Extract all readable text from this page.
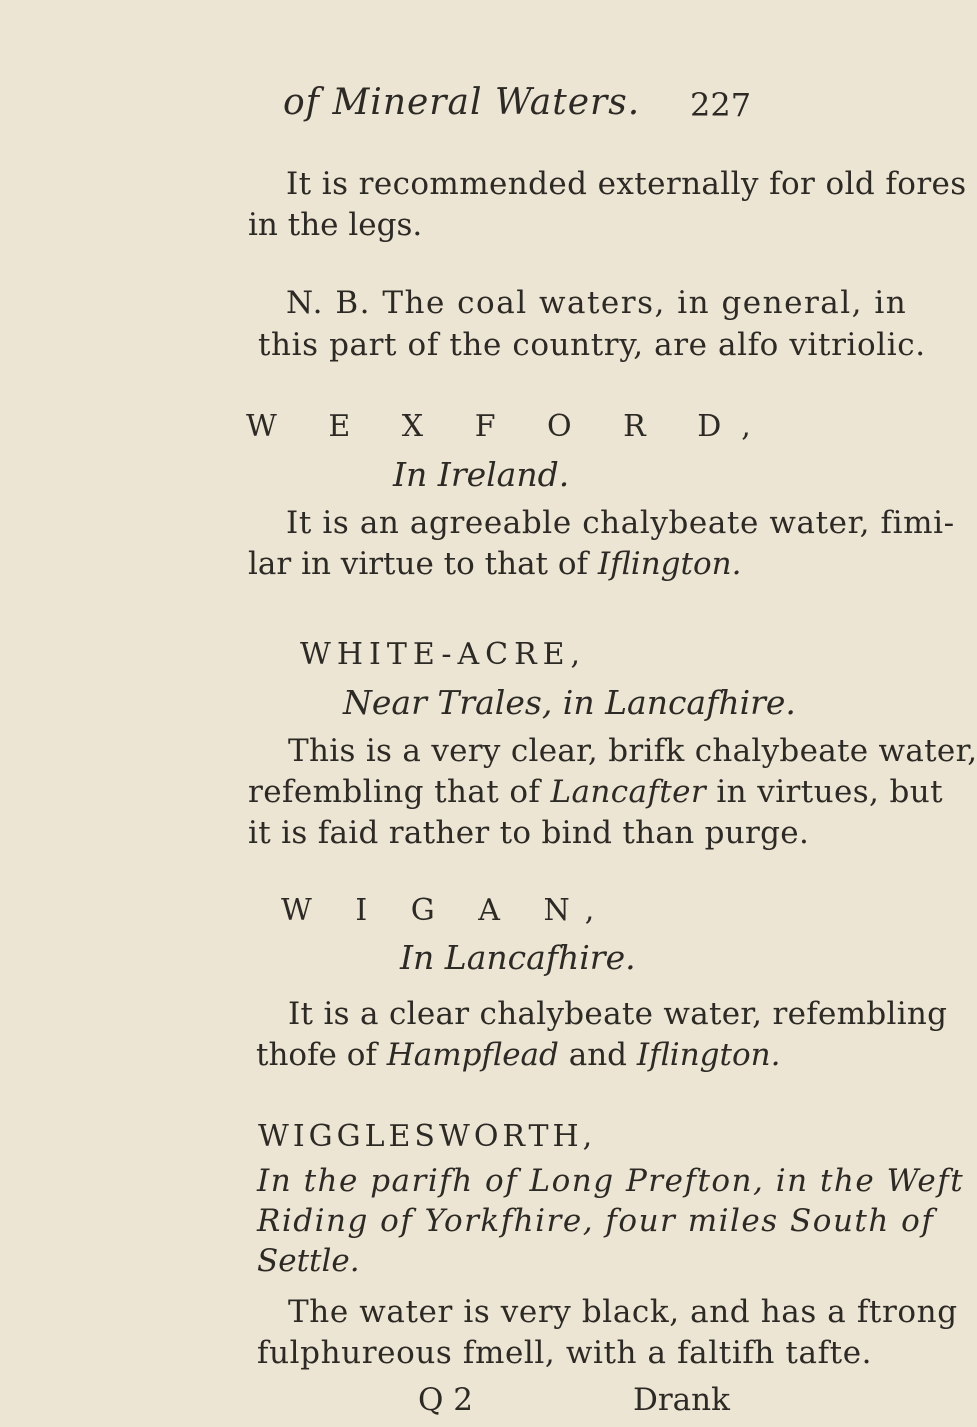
of Mineral Waters. 227
It is recommended externally for old fores
in the legs.
N. B. The coal waters, in general, in
this part of the country, are alfo vitriolic.
W E X F O R D,
In Ireland.
It is an agreeable chalybeate water, fimi-
lar in virtue to that of Iflington.
WHITE-ACRE,
Near Trales, in Lancafhire.
This is a very clear, brifk chalybeate water,
refembling that of Lancafter in virtues, but
it is faid rather to bind than purge.
W I G A N,
In Lancafhire.
It is a clear chalybeate water, refembling
thofe of Hampflead and Iflington.
WIGGLESWORTH,
In the parifh of Long Prefton, in the Weft
Riding of Yorkfhire, four miles South of
Settle.
The water is very black, and has a ftrong
fulphureous fmell, with a faltifh tafte.
Q 2	Drank
